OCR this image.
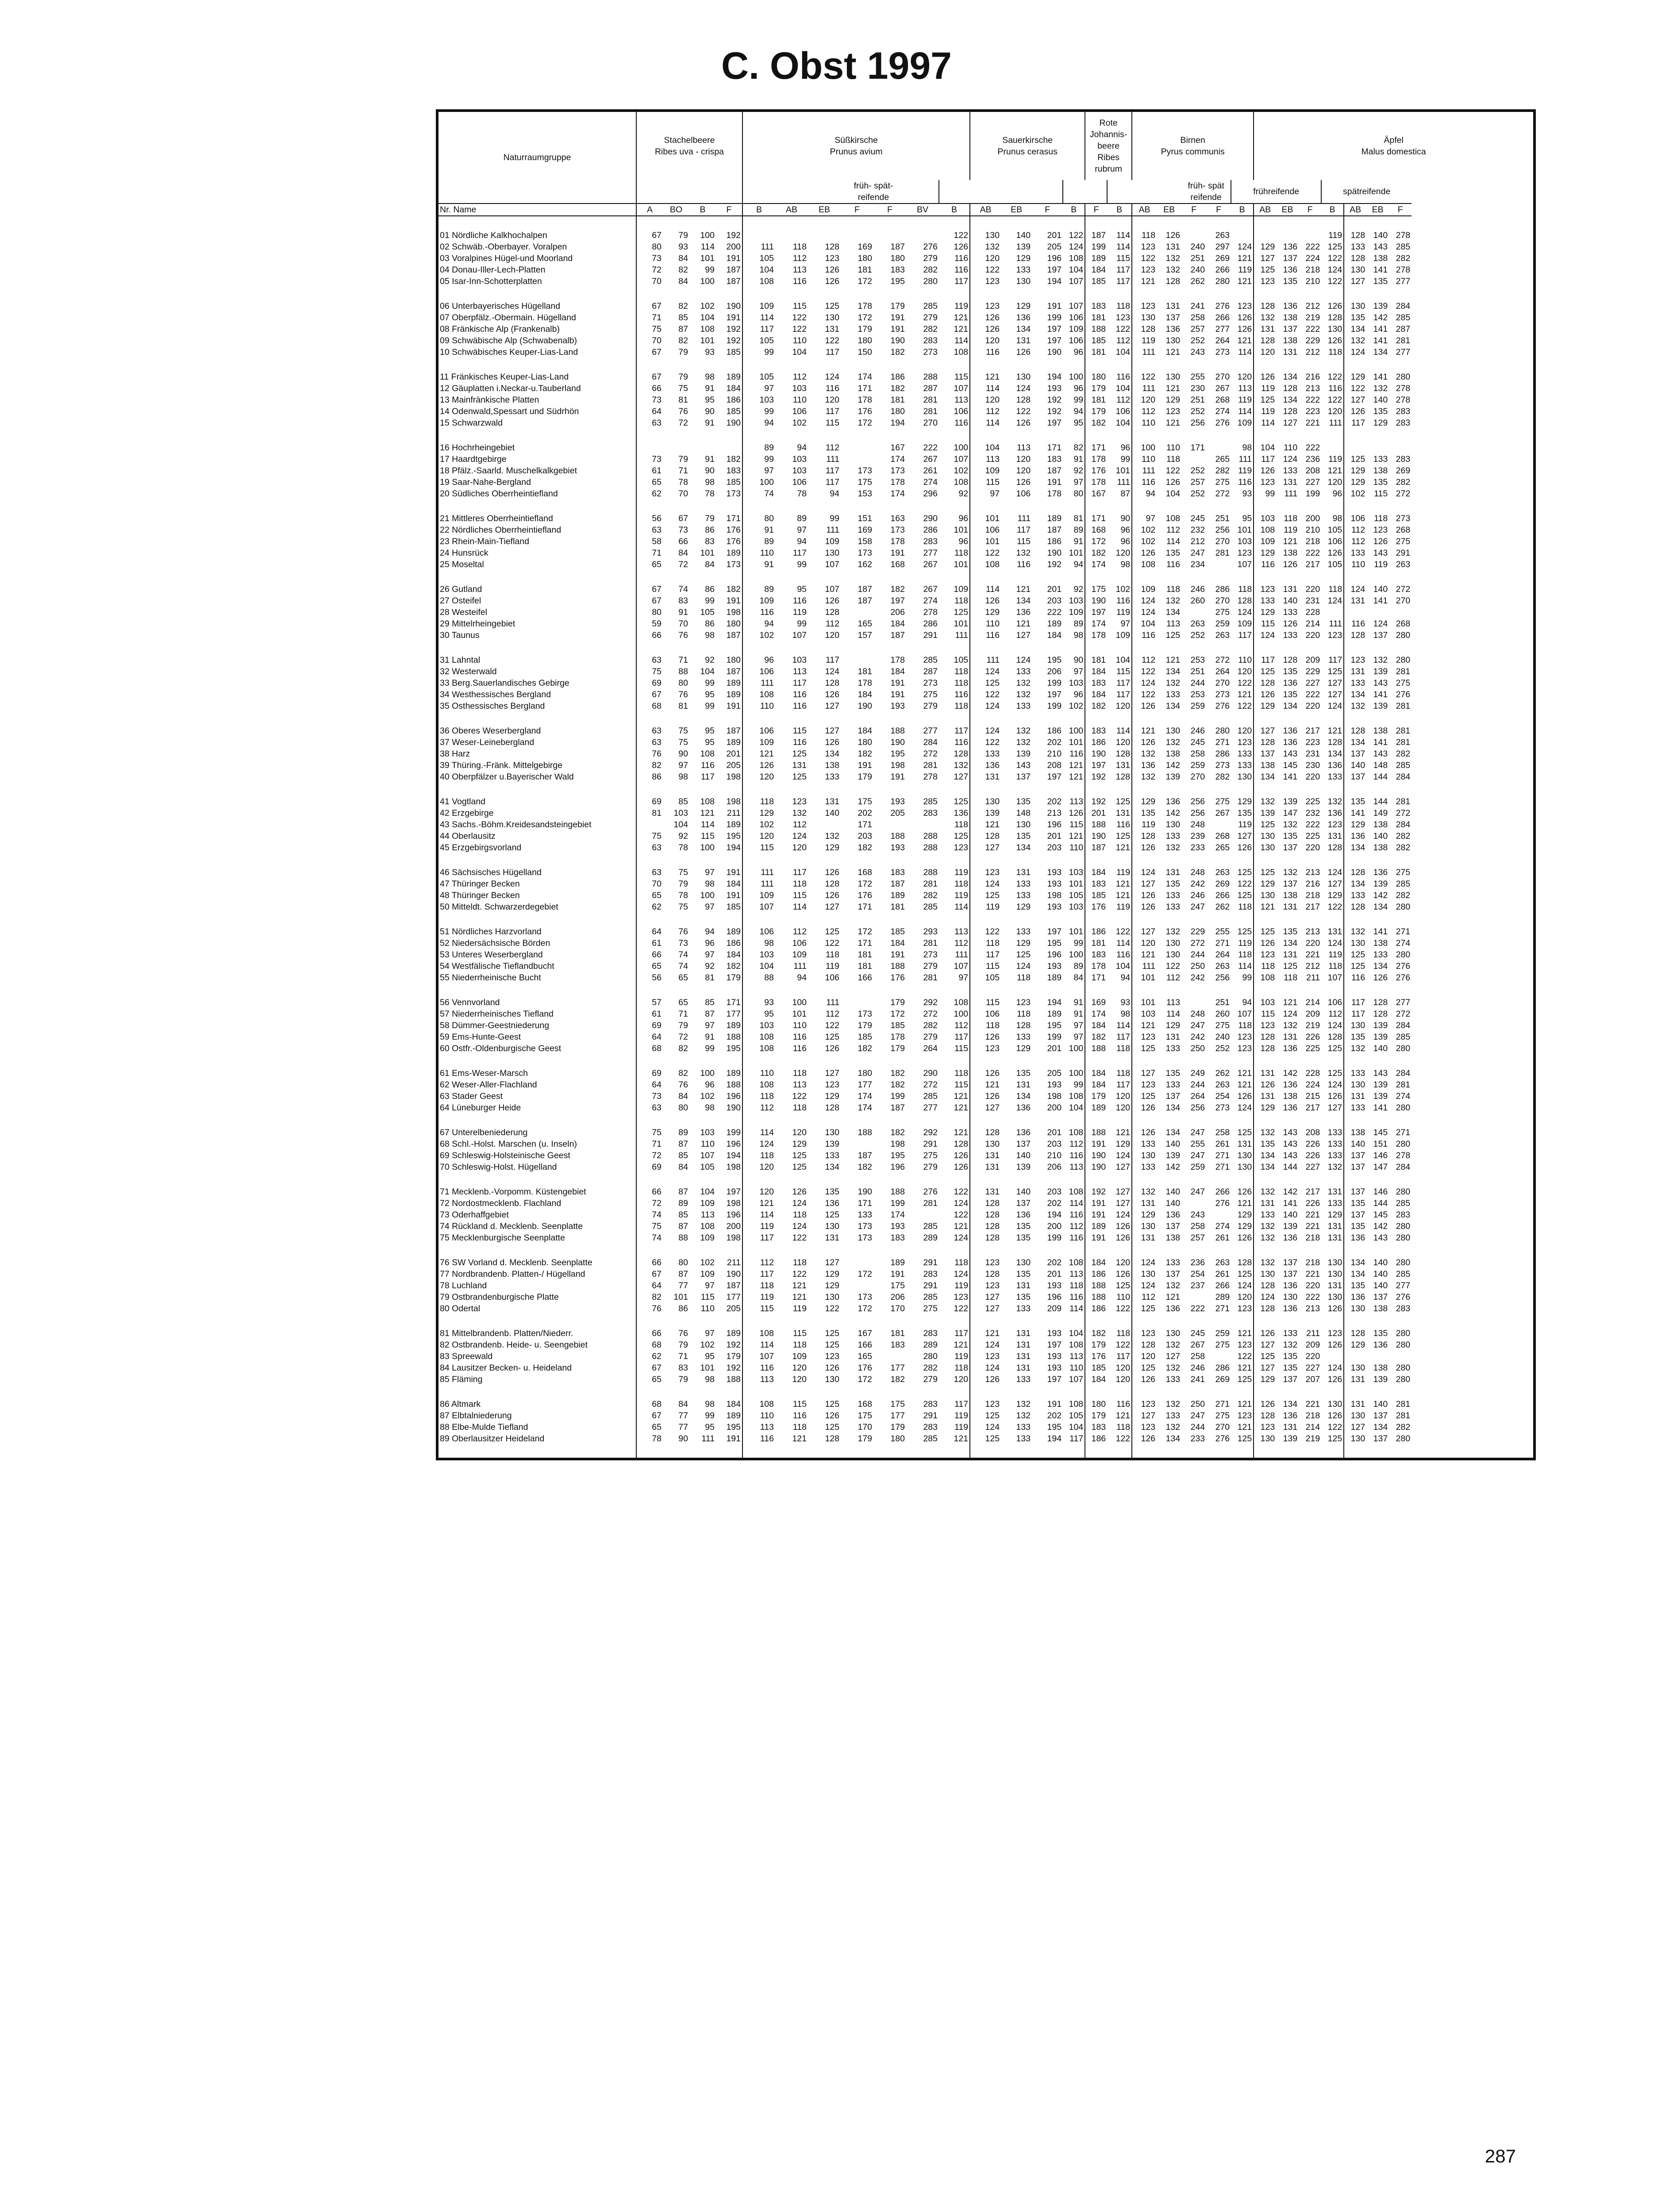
C. Obst 1997
Naturraumgruppe	Stachelbeere
Ribes uva - crispa				Süßkirsche
Prunus avium							Sauerkirsche
Prunus cerasus				Rote
Johannis-
beere
Ribes
rubrum		Birnen
Pyrus communis					Äpfel
Malus domestica						
								früh- spät-
reifende												früh- spät
reifende		frühreifende				spätreifende			
Nr. Name	A	BO	B	F	B	AB	EB	F	F	BV	B	AB	EB	F	B	F	B	AB	EB	F	F	B	AB	EB	F	B	AB	EB	F

01 Nördliche Kalkhochalpen	67	79	100	192							122	130	140	201	122	187	114	118	126		263					119	128	140	278
02 Schwäb.-Oberbayer. Voralpen	80	93	114	200	111	118	128	169	187	276	126	132	139	205	124	199	114	123	131	240	297	124	129	136	222	125	133	143	285
03 Voralpines Hügel-und Moorland	73	84	101	191	105	112	123	180	180	279	116	120	129	196	108	189	115	122	132	251	269	121	127	137	224	122	128	138	282
04 Donau-Iller-Lech-Platten	72	82	99	187	104	113	126	181	183	282	116	122	133	197	104	184	117	123	132	240	266	119	125	136	218	124	130	141	278
05 Isar-Inn-Schotterplatten	70	84	100	187	108	116	126	172	195	280	117	123	130	194	107	185	117	121	128	262	280	121	123	135	210	122	127	135	277

06 Unterbayerisches Hügelland	67	82	102	190	109	115	125	178	179	285	119	123	129	191	107	183	118	123	131	241	276	123	128	136	212	126	130	139	284
07 Oberpfälz.-Obermain. Hügelland	71	85	104	191	114	122	130	172	191	279	121	126	136	199	106	181	123	130	137	258	266	126	132	138	219	128	135	142	285
08 Fränkische Alp (Frankenalb)	75	87	108	192	117	122	131	179	191	282	121	126	134	197	109	188	122	128	136	257	277	126	131	137	222	130	134	141	287
09 Schwäbische Alp (Schwabenalb)	70	82	101	192	105	110	122	180	190	283	114	120	131	197	106	185	112	119	130	252	264	121	128	138	229	126	132	141	281
10 Schwäbisches Keuper-Lias-Land	67	79	93	185	99	104	117	150	182	273	108	116	126	190	96	181	104	111	121	243	273	114	120	131	212	118	124	134	277

11 Fränkisches Keuper-Lias-Land	67	79	98	189	105	112	124	174	186	288	115	121	130	194	100	180	116	122	130	255	270	120	126	134	216	122	129	141	280
12 Gäuplatten i.Neckar-u.Tauberland	66	75	91	184	97	103	116	171	182	287	107	114	124	193	96	179	104	111	121	230	267	113	119	128	213	116	122	132	278
13 Mainfränkische Platten	73	81	95	186	103	110	120	178	181	281	113	120	128	192	99	181	112	120	129	251	268	119	125	134	222	122	127	140	278
14 Odenwald,Spessart und Südrhön	64	76	90	185	99	106	117	176	180	281	106	112	122	192	94	179	106	112	123	252	274	114	119	128	223	120	126	135	283
15 Schwarzwald	63	72	91	190	94	102	115	172	194	270	116	114	126	197	95	182	104	110	121	256	276	109	114	127	221	111	117	129	283

16 Hochrheingebiet					89	94	112		167	222	100	104	113	171	82	171	96	100	110	171		98	104	110	222				
17 Haardtgebirge	73	79	91	182	99	103	111		174	267	107	113	120	183	91	178	99	110	118		265	111	117	124	236	119	125	133	283
18 Pfälz.-Saarld. Muschelkalkgebiet	61	71	90	183	97	103	117	173	173	261	102	109	120	187	92	176	101	111	122	252	282	119	126	133	208	121	129	138	269
19 Saar-Nahe-Bergland	65	78	98	185	100	106	117	175	178	274	108	115	126	191	97	178	111	116	126	257	275	116	123	131	227	120	129	135	282
20 Südliches Oberrheintiefland	62	70	78	173	74	78	94	153	174	296	92	97	106	178	80	167	87	94	104	252	272	93	99	111	199	96	102	115	272

21 Mittleres Oberrheintiefland	56	67	79	171	80	89	99	151	163	290	96	101	111	189	81	171	90	97	108	245	251	95	103	118	200	98	106	118	273
22 Nördliches Oberrheintiefland	63	73	86	176	91	97	111	169	173	286	101	106	117	187	89	168	96	102	112	232	256	101	108	119	210	105	112	123	268
23 Rhein-Main-Tiefland	58	66	83	176	89	94	109	158	178	283	96	101	115	186	91	172	96	102	114	212	270	103	109	121	218	106	112	126	275
24 Hunsrück	71	84	101	189	110	117	130	173	191	277	118	122	132	190	101	182	120	126	135	247	281	123	129	138	222	126	133	143	291
25 Moseltal	65	72	84	173	91	99	107	162	168	267	101	108	116	192	94	174	98	108	116	234		107	116	126	217	105	110	119	263

26 Gutland	67	74	86	182	89	95	107	187	182	267	109	114	121	201	92	175	102	109	118	246	286	118	123	131	220	118	124	140	272
27 Osteifel	67	83	99	191	109	116	126	187	197	274	118	126	134	203	103	190	116	124	132	260	270	128	133	140	231	124	131	141	270
28 Westeifel	80	91	105	198	116	119	128		206	278	125	129	136	222	109	197	119	124	134		275	124	129	133	228				
29 Mittelrheingebiet	59	70	86	180	94	99	112	165	184	286	101	110	121	189	89	174	97	104	113	263	259	109	115	126	214	111	116	124	268
30 Taunus	66	76	98	187	102	107	120	157	187	291	111	116	127	184	98	178	109	116	125	252	263	117	124	133	220	123	128	137	280

31 Lahntal	63	71	92	180	96	103	117		178	285	105	111	124	195	90	181	104	112	121	253	272	110	117	128	209	117	123	132	280
32 Westerwald	75	88	104	187	106	113	124	181	184	287	118	124	133	206	97	184	115	122	134	251	264	120	125	135	229	125	131	139	281
33 Berg.Sauerlandisches Gebirge	69	80	99	189	111	117	128	178	191	273	118	125	132	199	103	183	117	124	132	244	270	122	128	136	227	127	133	143	275
34 Westhessisches Bergland	67	76	95	189	108	116	126	184	191	275	116	122	132	197	96	184	117	122	133	253	273	121	126	135	222	127	134	141	276
35 Osthessisches Bergland	68	81	99	191	110	116	127	190	193	279	118	124	133	199	102	182	120	126	134	259	276	122	129	134	220	124	132	139	281

36 Oberes Weserbergland	63	75	95	187	106	115	127	184	188	277	117	124	132	186	100	183	114	121	130	246	280	120	127	136	217	121	128	138	281
37 Weser-Leinebergland	63	75	95	189	109	116	126	180	190	284	116	122	132	202	101	186	120	126	132	245	271	123	128	136	223	128	134	141	281
38 Harz	76	90	108	201	121	125	134	182	195	272	128	133	139	210	116	190	128	132	138	258	286	133	137	143	231	134	137	143	282
39 Thüring.-Fränk. Mittelgebirge	82	97	116	205	126	131	138	191	198	281	132	136	143	208	121	197	131	136	142	259	273	133	138	145	230	136	140	148	285
40 Oberpfälzer u.Bayerischer Wald	86	98	117	198	120	125	133	179	191	278	127	131	137	197	121	192	128	132	139	270	282	130	134	141	220	133	137	144	284

41 Vogtland	69	85	108	198	118	123	131	175	193	285	125	130	135	202	113	192	125	129	136	256	275	129	132	139	225	132	135	144	281
42 Erzgebirge	81	103	121	211	129	132	140	202	205	283	136	139	148	213	126	201	131	135	142	256	267	135	139	147	232	136	141	149	272
43 Sachs.-Böhm.Kreidesandsteingebiet		104	114	189	102	112		171			118	121	130	196	115	188	116	119	130	248		119	125	132	222	123	129	138	284
44 Oberlausitz	75	92	115	195	120	124	132	203	188	288	125	128	135	201	121	190	125	128	133	239	268	127	130	135	225	131	136	140	282
45 Erzgebirgsvorland	63	78	100	194	115	120	129	182	193	288	123	127	134	203	110	187	121	126	132	233	265	126	130	137	220	128	134	138	282

46 Sächsisches Hügelland	63	75	97	191	111	117	126	168	183	288	119	123	131	193	103	184	119	124	131	248	263	125	125	132	213	124	128	136	275
47 Thüringer Becken	70	79	98	184	111	118	128	172	187	281	118	124	133	193	101	183	121	127	135	242	269	122	129	137	216	127	134	139	285
48 Thüringer Becken	65	78	100	191	109	115	126	176	189	282	119	125	133	198	105	185	121	126	133	246	266	125	130	138	218	129	133	142	282
50 Mitteldt. Schwarzerdegebiet	62	75	97	185	107	114	127	171	181	285	114	119	129	193	103	176	119	126	133	247	262	118	121	131	217	122	128	134	280

51 Nördliches Harzvorland	64	76	94	189	106	112	125	172	185	293	113	122	133	197	101	186	122	127	132	229	255	125	125	135	213	131	132	141	271
52 Niedersächsische Börden	61	73	96	186	98	106	122	171	184	281	112	118	129	195	99	181	114	120	130	272	271	119	126	134	220	124	130	138	274
53 Unteres Weserbergland	66	74	97	184	103	109	118	181	191	273	111	117	125	196	100	183	116	121	130	244	264	118	123	131	221	119	125	133	280
54 Westfälische Tieflandbucht	65	74	92	182	104	111	119	181	188	279	107	115	124	193	89	178	104	111	122	250	263	114	118	125	212	118	125	134	276
55 Niederrheinische Bucht	56	65	81	179	88	94	106	166	176	281	97	105	118	189	84	171	94	101	112	242	256	99	108	118	211	107	116	126	276

56 Vennvorland	57	65	85	171	93	100	111		179	292	108	115	123	194	91	169	93	101	113		251	94	103	121	214	106	117	128	277
57 Niederrheinisches Tiefland	61	71	87	177	95	101	112	173	172	272	100	106	118	189	91	174	98	103	114	248	260	107	115	124	209	112	117	128	272
58 Dümmer-Geestniederung	69	79	97	189	103	110	122	179	185	282	112	118	128	195	97	184	114	121	129	247	275	118	123	132	219	124	130	139	284
59 Ems-Hunte-Geest	64	72	91	188	108	116	125	185	178	279	117	126	133	199	97	182	117	123	131	242	240	123	128	131	226	128	135	139	285
60 Ostfr.-Oldenburgische Geest	68	82	99	195	108	116	126	182	179	264	115	123	129	201	100	188	118	125	133	250	252	123	128	136	225	125	132	140	280

61 Ems-Weser-Marsch	69	82	100	189	110	118	127	180	182	290	118	126	135	205	100	184	118	127	135	249	262	121	131	142	228	125	133	143	284
62 Weser-Aller-Flachland	64	76	96	188	108	113	123	177	182	272	115	121	131	193	99	184	117	123	133	244	263	121	126	136	224	124	130	139	281
63 Stader Geest	73	84	102	196	118	122	129	174	199	285	121	126	134	198	108	179	120	125	137	264	254	126	131	138	215	126	131	139	274
64 Lüneburger Heide	63	80	98	190	112	118	128	174	187	277	121	127	136	200	104	189	120	126	134	256	273	124	129	136	217	127	133	141	280

67 Unterelbeniederung	75	89	103	199	114	120	130	188	182	292	121	128	136	201	108	188	121	126	134	247	258	125	132	143	208	133	138	145	271
68 Schl.-Holst. Marschen (u. Inseln)	71	87	110	196	124	129	139		198	291	128	130	137	203	112	191	129	133	140	255	261	131	135	143	226	133	140	151	280
69 Schleswig-Holsteinische Geest	72	85	107	194	118	125	133	187	195	275	126	131	140	210	116	190	124	130	139	247	271	130	134	143	226	133	137	146	278
70 Schleswig-Holst. Hügelland	69	84	105	198	120	125	134	182	196	279	126	131	139	206	113	190	127	133	142	259	271	130	134	144	227	132	137	147	284

71 Mecklenb.-Vorpomm. Küstengebiet	66	87	104	197	120	126	135	190	188	276	122	131	140	203	108	192	127	132	140	247	266	126	132	142	217	131	137	146	280
72 Nordostmecklenb. Flachland	72	89	109	198	121	124	136	171	199	281	124	128	137	202	114	191	127	131	140		276	121	131	141	226	133	135	144	285
73 Oderhaffgebiet	74	85	113	196	114	118	125	133	174		122	128	136	194	116	191	124	129	136	243		129	133	140	221	129	137	145	283
74 Rückland d. Mecklenb. Seenplatte	75	87	108	200	119	124	130	173	193	285	121	128	135	200	112	189	126	130	137	258	274	129	132	139	221	131	135	142	280
75 Mecklenburgische Seenplatte	74	88	109	198	117	122	131	173	183	289	124	128	135	199	116	191	126	131	138	257	261	126	132	136	218	131	136	143	280

76 SW Vorland d. Mecklenb. Seenplatte	66	80	102	211	112	118	127		189	291	118	123	130	202	108	184	120	124	133	236	263	128	132	137	218	130	134	140	280
77 Nordbrandenb. Platten-/ Hügelland	67	87	109	190	117	122	129	172	191	283	124	128	135	201	113	186	126	130	137	254	261	125	130	137	221	130	134	140	285
78 Luchland	64	77	97	187	118	121	129		175	291	119	123	131	193	118	188	125	124	132	237	266	124	128	136	220	131	135	140	277
79 Ostbrandenburgische Platte	82	101	115	177	119	121	130	173	206	285	123	127	135	196	116	188	110	112	121		289	120	124	130	222	130	136	137	276
80 Odertal	76	86	110	205	115	119	122	172	170	275	122	127	133	209	114	186	122	125	136	222	271	123	128	136	213	126	130	138	283

81 Mittelbrandenb. Platten/Niederr.	66	76	97	189	108	115	125	167	181	283	117	121	131	193	104	182	118	123	130	245	259	121	126	133	211	123	128	135	280
82 Ostbrandenb. Heide- u. Seengebiet	68	79	102	192	114	118	125	166	183	289	121	124	131	197	108	179	122	128	132	267	275	123	127	132	209	126	129	136	280
83 Spreewald	62	71	95	179	107	109	123	165		280	119	123	131	193	113	176	117	120	127	258		122	125	135	220				
84 Lausitzer Becken- u. Heideland	67	83	101	192	116	120	126	176	177	282	118	124	131	193	110	185	120	125	132	246	286	121	127	135	227	124	130	138	280
85 Fläming	65	79	98	188	113	120	130	172	182	279	120	126	133	197	107	184	120	126	133	241	269	125	129	137	207	126	131	139	280

86 Altmark	68	84	98	184	108	115	125	168	175	283	117	123	132	191	108	180	116	123	132	250	271	121	126	134	221	130	131	140	281
87 Elbtalniederung	67	77	99	189	110	116	126	175	177	291	119	125	132	202	105	179	121	127	133	247	275	123	128	136	218	126	130	137	281
88 Elbe-Mulde Tiefland	65	77	95	195	113	118	125	170	179	283	119	124	133	195	104	183	118	123	132	244	270	121	123	131	214	122	127	134	282
89 Oberlausitzer Heideland	78	90	111	191	116	121	128	179	180	285	121	125	133	194	117	186	122	126	134	233	276	125	130	139	219	125	130	137	280

287
